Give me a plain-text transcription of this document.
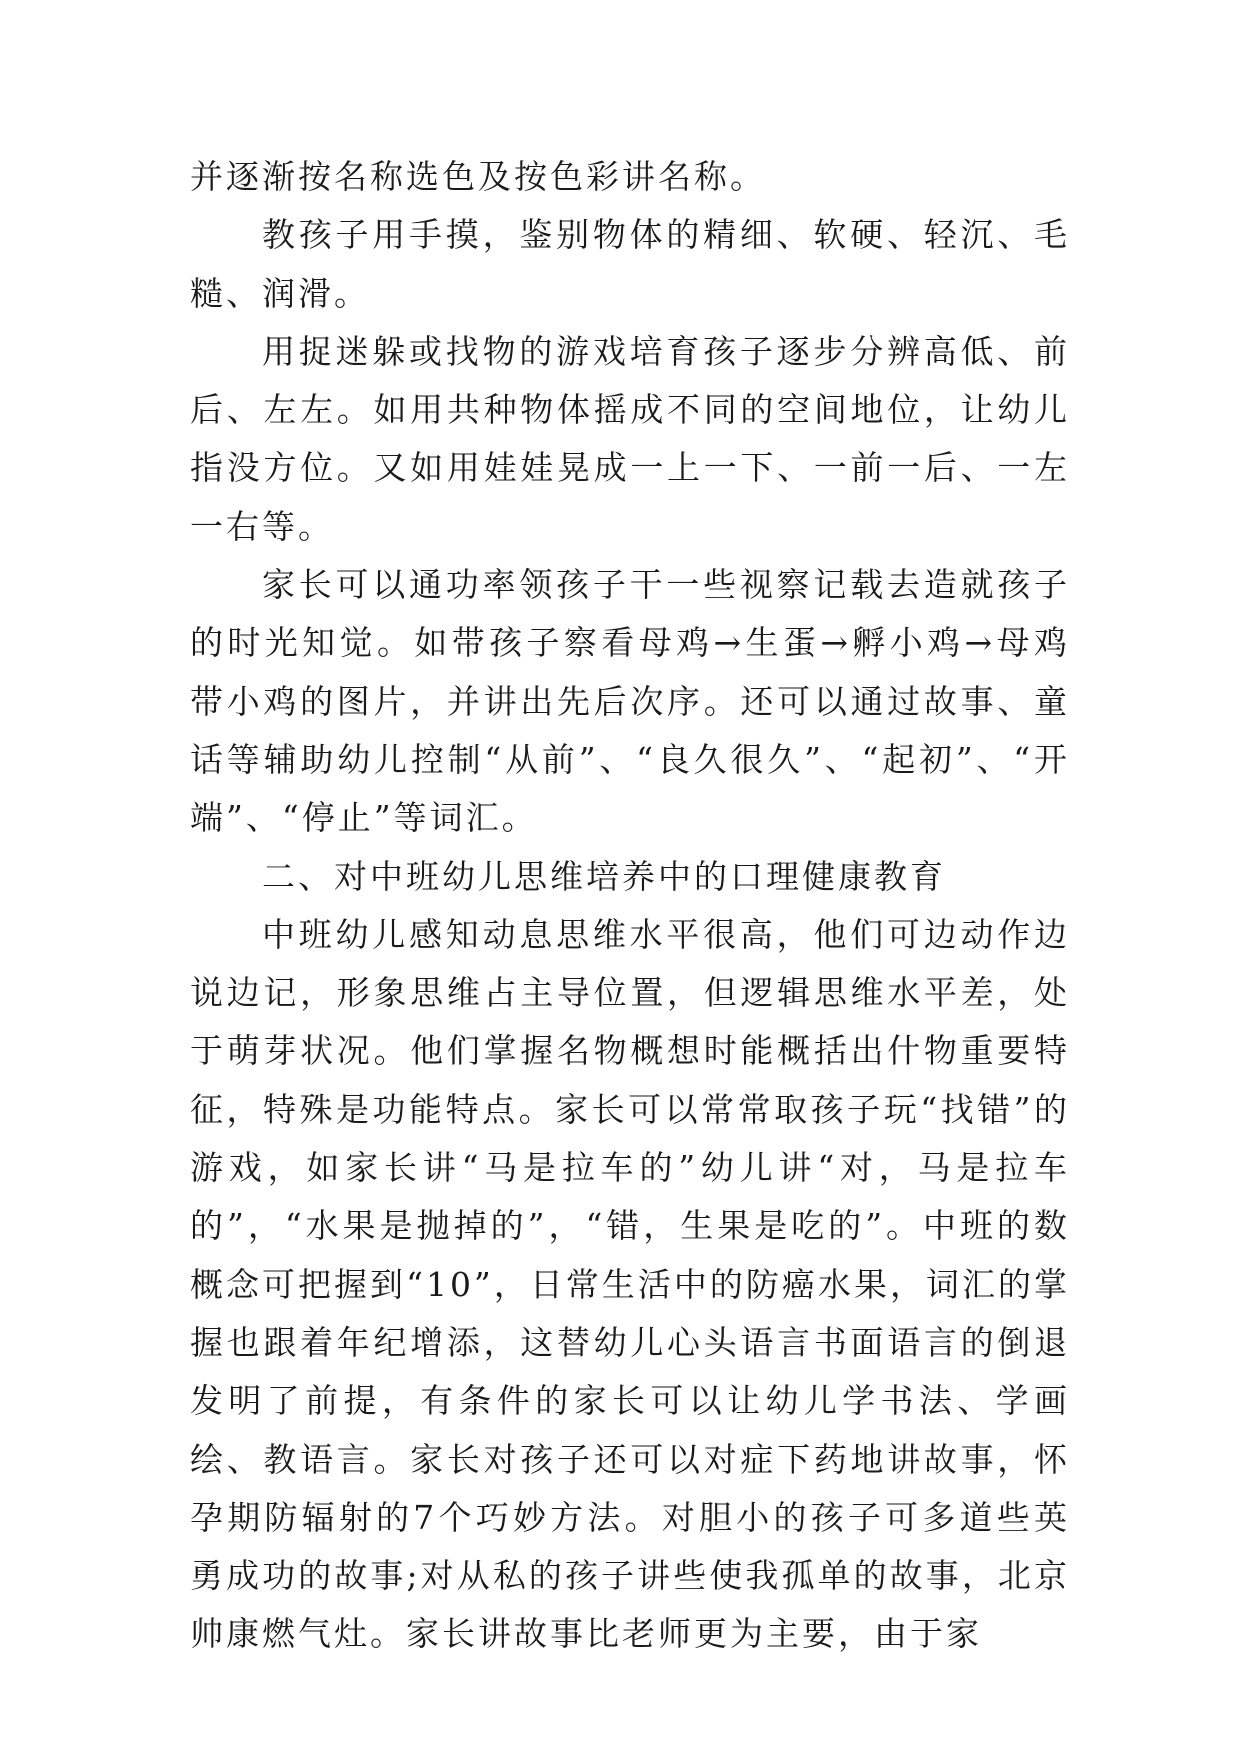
并逐渐按名称选色及按色彩讲名称。

教孩子用手摸，鉴别物体的精细、软硬、轻沉、毛糙、润滑。

用捉迷躲或找物的游戏培育孩子逐步分辨高低、前后、左左。如用共种物体摇成不同的空间地位，让幼儿指没方位。又如用娃娃晃成一上一下、一前一后、一左一右等。

家长可以通功率领孩子干一些视察记载去造就孩子的时光知觉。如带孩子察看母鸡→生蛋→孵小鸡→母鸡带小鸡的图片，并讲出先后次序。还可以通过故事、童话等辅助幼儿控制“从前”、“良久很久”、“起初”、“开端”、“停止”等词汇。

二、对中班幼儿思维培养中的口理健康教育

中班幼儿感知动息思维水平很高，他们可边动作边说边记，形象思维占主导位置，但逻辑思维水平差，处于萌芽状况。他们掌握名物概想时能概括出什物重要特征，特殊是功能特点。家长可以常常取孩子玩“找错”的游戏，如家长讲“马是拉车的”幼儿讲“对，马是拉车的”，“水果是抛掉的”，“错，生果是吃的”。中班的数概念可把握到“10”，日常生活中的防癌水果，词汇的掌握也跟着年纪增添，这替幼儿心头语言书面语言的倒退发明了前提，有条件的家长可以让幼儿学书法、学画绘、教语言。家长对孩子还可以对症下药地讲故事，怀孕期防辐射的7个巧妙方法。对胆小的孩子可多道些英勇成功的故事;对从私的孩子讲些使我孤单的故事，北京帅康燃气灶。家长讲故事比老师更为主要，由于家
